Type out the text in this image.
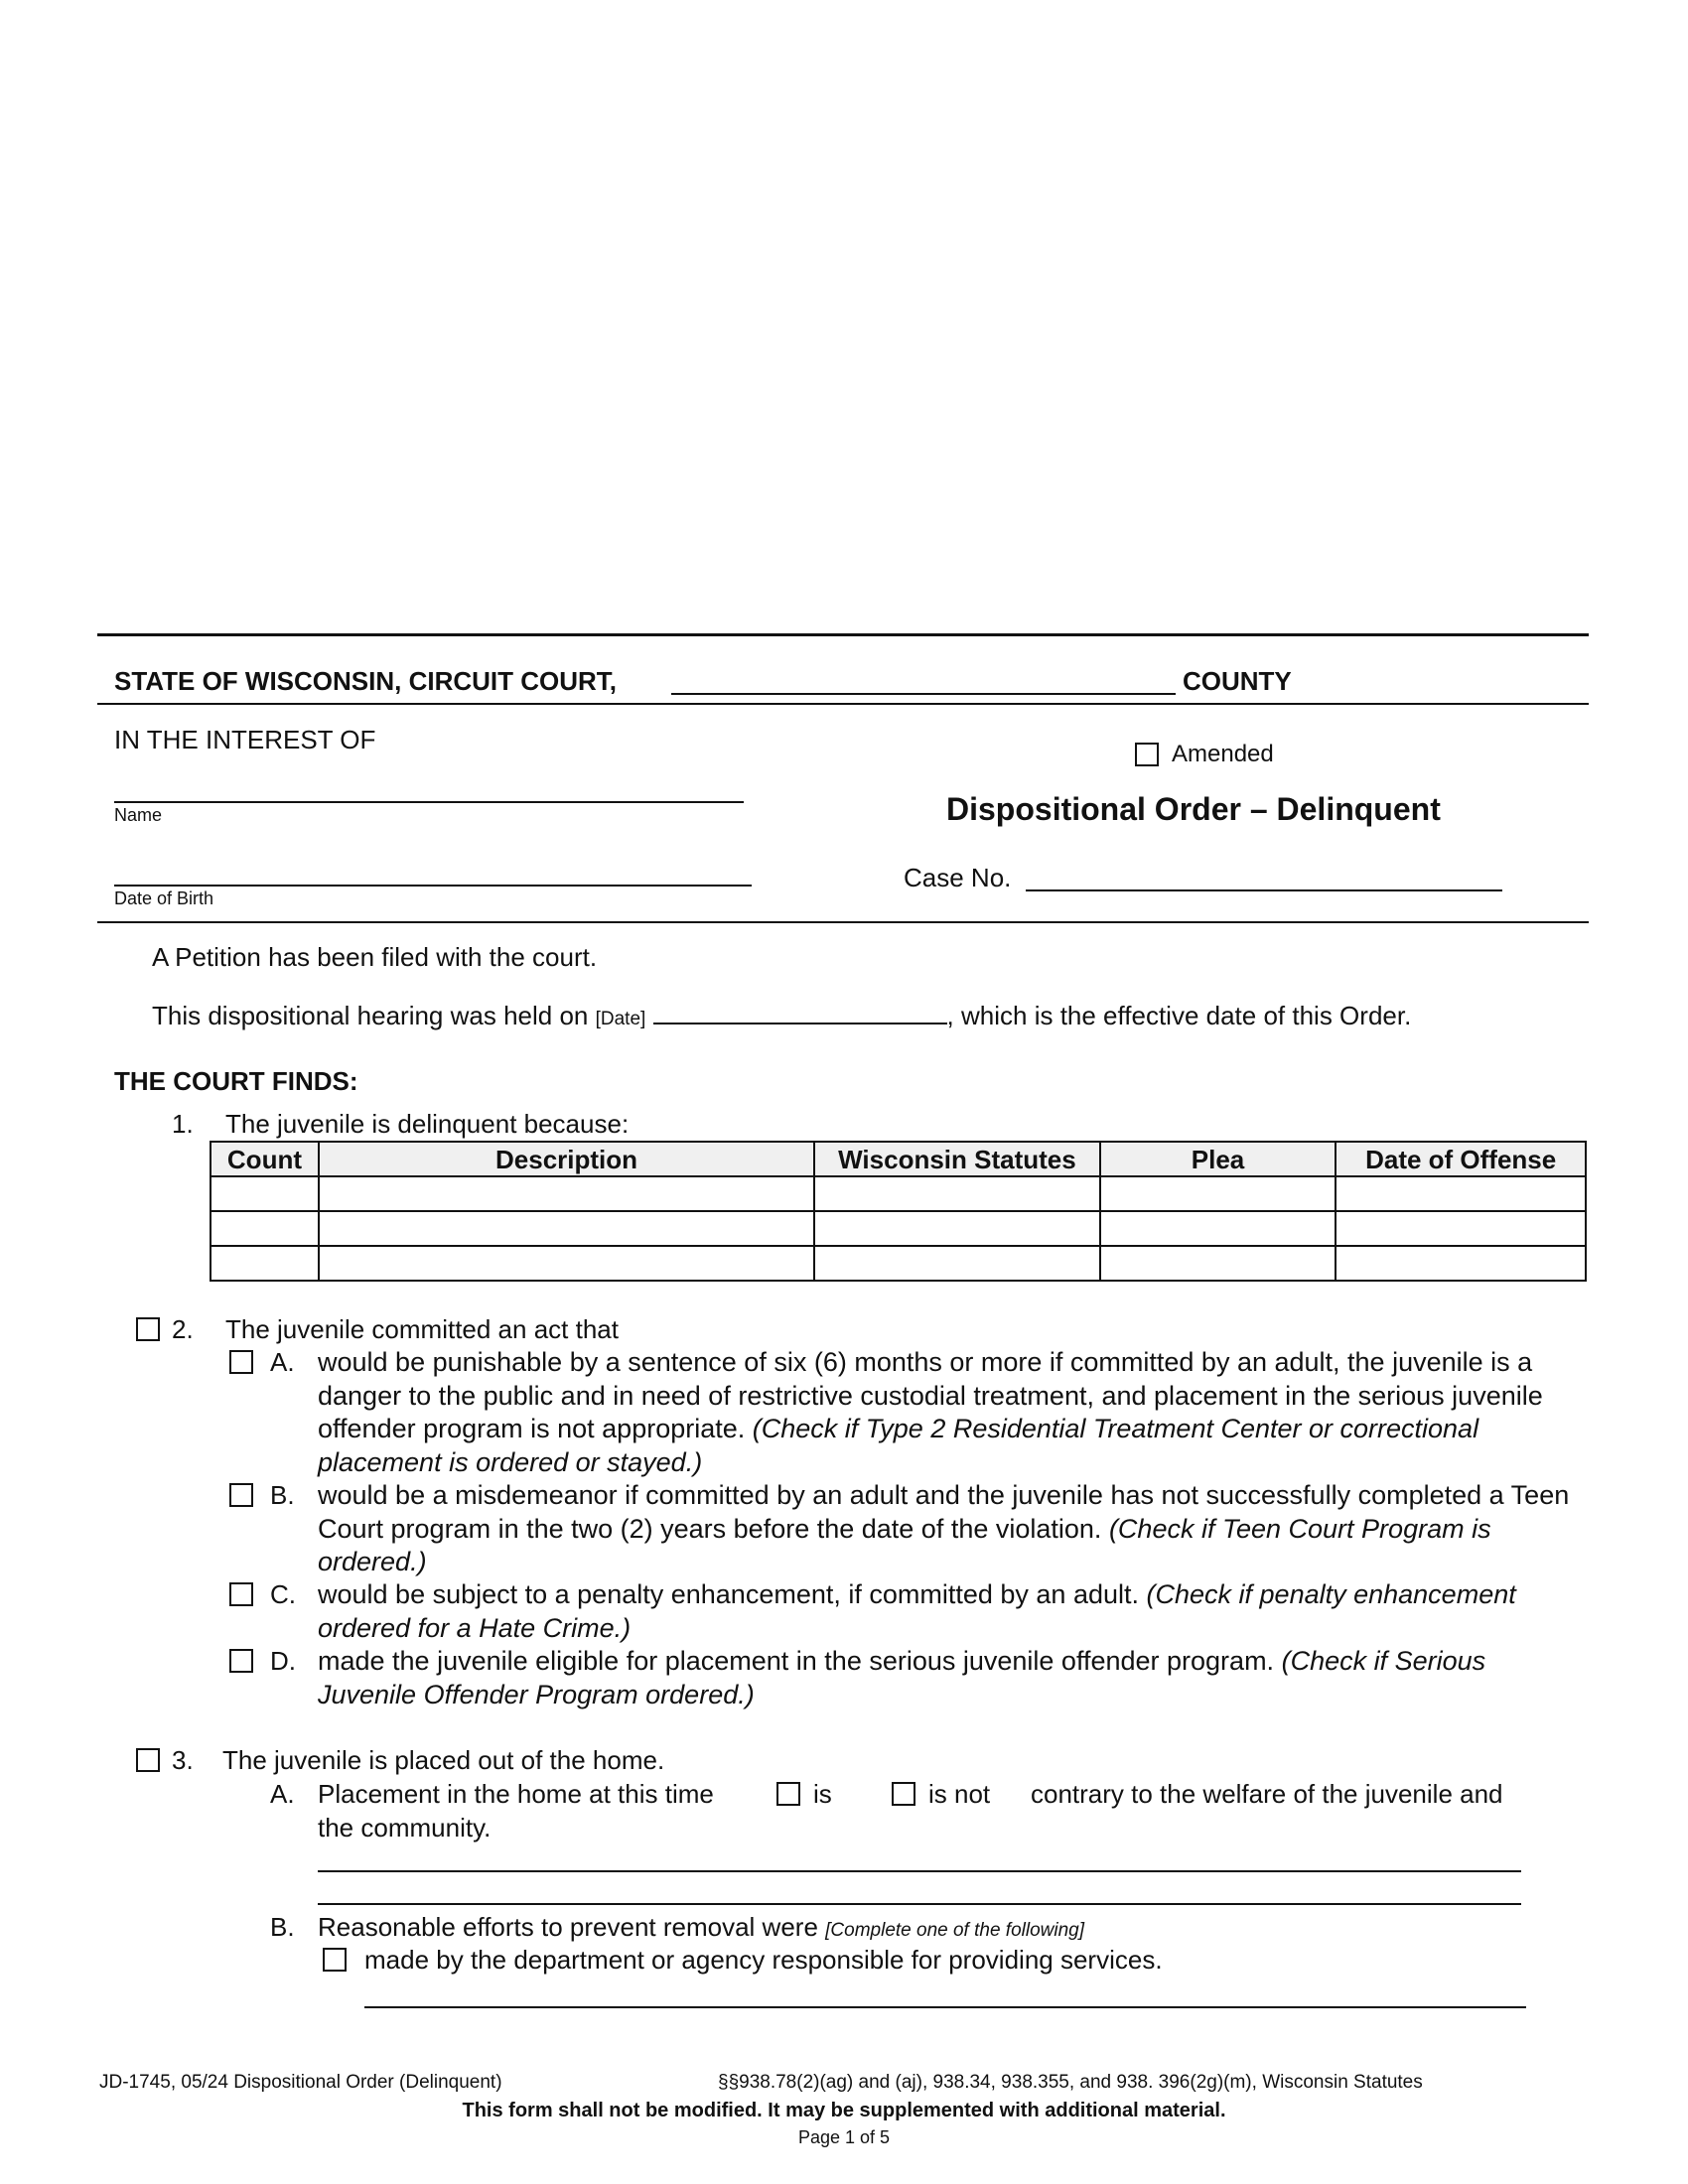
STATE OF WISCONSIN, CIRCUIT COURT,	COUNTY
IN THE INTEREST OF	Amended
Name	Dispositional Order – Delinquent
Case No.
Date of Birth
A Petition has been filed with the court.
This dispositional hearing was held on [Date]	, which is the effective date of this Order.
THE COURT FINDS:
1. The juvenile is delinquent because:
Count	Description	Wisconsin Statutes	Plea	Date of Offense

2. The juvenile committed an act that
A. would be punishable by a sentence of six (6) months or more if committed by an adult, the juvenile is a danger to the public and in need of restrictive custodial treatment, and placement in the serious juvenile offender program is not appropriate. (Check if Type 2 Residential Treatment Center or correctional placement is ordered or stayed.)
B. would be a misdemeanor if committed by an adult and the juvenile has not successfully completed a Teen Court program in the two (2) years before the date of the violation. (Check if Teen Court Program is ordered.)
C. would be subject to a penalty enhancement, if committed by an adult. (Check if penalty enhancement ordered for a Hate Crime.)
D. made the juvenile eligible for placement in the serious juvenile offender program. (Check if Serious Juvenile Offender Program ordered.)
3. The juvenile is placed out of the home.
A. Placement in the home at this time	is	is not contrary to the welfare of the juvenile and
the community.
B. Reasonable efforts to prevent removal were [Complete one of the following]
made by the department or agency responsible for providing services.
JD-1745, 05/24 Dispositional Order (Delinquent)	§§938.78(2)(ag) and (aj), 938.34, 938.355, and 938. 396(2g)(m), Wisconsin Statutes
This form shall not be modified. It may be supplemented with additional material.
Page 1 of 5
